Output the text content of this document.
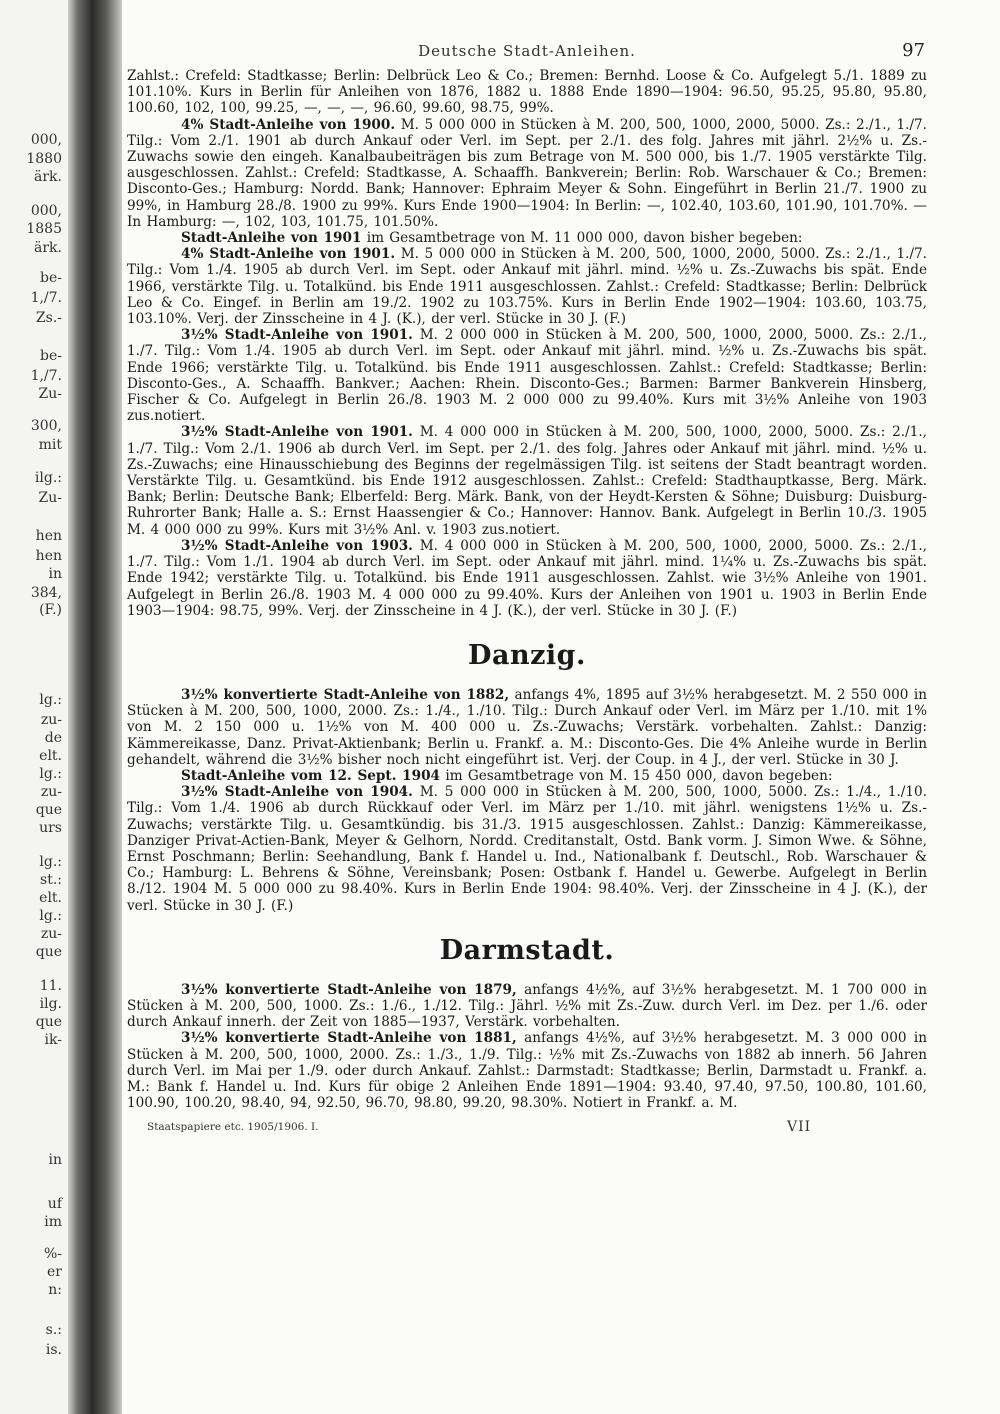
000,
1880
ärk.
000,
1885
ärk.
be-
1,/7.
Zs.-
be-
1,/7.
Zu-
300,
mit
ilg.:
Zu-
hen
hen
in
384,
(F.)
lg.:
zu-
de
elt.
lg.:
zu-
que
urs
lg.:
st.:
elt.
lg.:
zu-
que
11.
ilg.
que
ik-
in
uf
im
%-
er
n:
s.:
is.
Deutsche Stadt-Anleihen.	97

Zahlst.: Crefeld: Stadtkasse; Berlin: Delbrück Leo & Co.; Bremen: Bernhd. Loose & Co. Aufgelegt 5./1. 1889 zu 101.10%. Kurs in Berlin für Anleihen von 1876, 1882 u. 1888 Ende 1890—1904: 96.50, 95.25, 95.80, 95.80, 100.60, 102, 100, 99.25, —, —, —, 96.60, 99.60, 98.75, 99%.

4% Stadt-Anleihe von 1900. M. 5 000 000 in Stücken à M. 200, 500, 1000, 2000, 5000. Zs.: 2./1., 1./7. Tilg.: Vom 2./1. 1901 ab durch Ankauf oder Verl. im Sept. per 2./1. des folg. Jahres mit jährl. 2½% u. Zs.-Zuwachs sowie den eingeh. Kanalbaubeiträgen bis zum Betrage von M. 500 000, bis 1./7. 1905 verstärkte Tilg. ausgeschlossen. Zahlst.: Crefeld: Stadtkasse, A. Schaaffh. Bankverein; Berlin: Rob. Warschauer & Co.; Bremen: Disconto-Ges.; Hamburg: Nordd. Bank; Hannover: Ephraim Meyer & Sohn. Eingeführt in Berlin 21./7. 1900 zu 99%, in Hamburg 28./8. 1900 zu 99%. Kurs Ende 1900—1904: In Berlin: —, 102.40, 103.60, 101.90, 101.70%. — In Hamburg: —, 102, 103, 101.75, 101.50%.

Stadt-Anleihe von 1901 im Gesamtbetrage von M. 11 000 000, davon bisher begeben:

4% Stadt-Anleihe von 1901. M. 5 000 000 in Stücken à M. 200, 500, 1000, 2000, 5000. Zs.: 2./1., 1./7. Tilg.: Vom 1./4. 1905 ab durch Verl. im Sept. oder Ankauf mit jährl. mind. ½% u. Zs.-Zuwachs bis spät. Ende 1966, verstärkte Tilg. u. Totalkünd. bis Ende 1911 ausgeschlossen. Zahlst.: Crefeld: Stadtkasse; Berlin: Delbrück Leo & Co. Eingef. in Berlin am 19./2. 1902 zu 103.75%. Kurs in Berlin Ende 1902—1904: 103.60, 103.75, 103.10%. Verj. der Zinsscheine in 4 J. (K.), der verl. Stücke in 30 J. (F.)

3½% Stadt-Anleihe von 1901. M. 2 000 000 in Stücken à M. 200, 500, 1000, 2000, 5000. Zs.: 2./1., 1./7. Tilg.: Vom 1./4. 1905 ab durch Verl. im Sept. oder Ankauf mit jährl. mind. ½% u. Zs.-Zuwachs bis spät. Ende 1966; verstärkte Tilg. u. Totalkünd. bis Ende 1911 ausgeschlossen. Zahlst.: Crefeld: Stadtkasse; Berlin: Disconto-Ges., A. Schaaffh. Bankver.; Aachen: Rhein. Disconto-Ges.; Barmen: Barmer Bankverein Hinsberg, Fischer & Co. Aufgelegt in Berlin 26./8. 1903 M. 2 000 000 zu 99.40%. Kurs mit 3½% Anleihe von 1903 zus.notiert.

3½% Stadt-Anleihe von 1901. M. 4 000 000 in Stücken à M. 200, 500, 1000, 2000, 5000. Zs.: 2./1., 1./7. Tilg.: Vom 2./1. 1906 ab durch Verl. im Sept. per 2./1. des folg. Jahres oder Ankauf mit jährl. mind. ½% u. Zs.-Zuwachs; eine Hinausschiebung des Beginns der regelmässigen Tilg. ist seitens der Stadt beantragt worden. Verstärkte Tilg. u. Gesamtkünd. bis Ende 1912 ausgeschlossen. Zahlst.: Crefeld: Stadthauptkasse, Berg. Märk. Bank; Berlin: Deutsche Bank; Elberfeld: Berg. Märk. Bank, von der Heydt-Kersten & Söhne; Duisburg: Duisburg-Ruhrorter Bank; Halle a. S.: Ernst Haassengier & Co.; Hannover: Hannov. Bank. Aufgelegt in Berlin 10./3. 1905 M. 4 000 000 zu 99%. Kurs mit 3½% Anl. v. 1903 zus.notiert.

3½% Stadt-Anleihe von 1903. M. 4 000 000 in Stücken à M. 200, 500, 1000, 2000, 5000. Zs.: 2./1., 1./7. Tilg.: Vom 1./1. 1904 ab durch Verl. im Sept. oder Ankauf mit jährl. mind. 1¼% u. Zs.-Zuwachs bis spät. Ende 1942; verstärkte Tilg. u. Totalkünd. bis Ende 1911 ausgeschlossen. Zahlst. wie 3½% Anleihe von 1901. Aufgelegt in Berlin 26./8. 1903 M. 4 000 000 zu 99.40%. Kurs der Anleihen von 1901 u. 1903 in Berlin Ende 1903—1904: 98.75, 99%. Verj. der Zinsscheine in 4 J. (K.), der verl. Stücke in 30 J. (F.)

Danzig.

3½% konvertierte Stadt-Anleihe von 1882, anfangs 4%, 1895 auf 3½% herabgesetzt. M. 2 550 000 in Stücken à M. 200, 500, 1000, 2000. Zs.: 1./4., 1./10. Tilg.: Durch Ankauf oder Verl. im März per 1./10. mit 1% von M. 2 150 000 u. 1½% von M. 400 000 u. Zs.-Zuwachs; Verstärk. vorbehalten. Zahlst.: Danzig: Kämmereikasse, Danz. Privat-Aktienbank; Berlin u. Frankf. a. M.: Disconto-Ges. Die 4% Anleihe wurde in Berlin gehandelt, während die 3½% bisher noch nicht eingeführt ist. Verj. der Coup. in 4 J., der verl. Stücke in 30 J.

Stadt-Anleihe vom 12. Sept. 1904 im Gesamtbetrage von M. 15 450 000, davon begeben:

3½% Stadt-Anleihe von 1904. M. 5 000 000 in Stücken à M. 200, 500, 1000, 5000. Zs.: 1./4., 1./10. Tilg.: Vom 1./4. 1906 ab durch Rückkauf oder Verl. im März per 1./10. mit jährl. wenigstens 1½% u. Zs.-Zuwachs; verstärkte Tilg. u. Gesamtkündig. bis 31./3. 1915 ausgeschlossen. Zahlst.: Danzig: Kämmereikasse, Danziger Privat-Actien-Bank, Meyer & Gelhorn, Nordd. Creditanstalt, Ostd. Bank vorm. J. Simon Wwe. & Söhne, Ernst Poschmann; Berlin: Seehandlung, Bank f. Handel u. Ind., Nationalbank f. Deutschl., Rob. Warschauer & Co.; Hamburg: L. Behrens & Söhne, Vereinsbank; Posen: Ostbank f. Handel u. Gewerbe. Aufgelegt in Berlin 8./12. 1904 M. 5 000 000 zu 98.40%. Kurs in Berlin Ende 1904: 98.40%. Verj. der Zinsscheine in 4 J. (K.), der verl. Stücke in 30 J. (F.)

Darmstadt.

3½% konvertierte Stadt-Anleihe von 1879, anfangs 4½%, auf 3½% herabgesetzt. M. 1 700 000 in Stücken à M. 200, 500, 1000. Zs.: 1./6., 1./12. Tilg.: Jährl. ½% mit Zs.-Zuw. durch Verl. im Dez. per 1./6. oder durch Ankauf innerh. der Zeit von 1885—1937, Verstärk. vorbehalten.

3½% konvertierte Stadt-Anleihe von 1881, anfangs 4½%, auf 3½% herabgesetzt. M. 3 000 000 in Stücken à M. 200, 500, 1000, 2000. Zs.: 1./3., 1./9. Tilg.: ½% mit Zs.-Zuwachs von 1882 ab innerh. 56 Jahren durch Verl. im Mai per 1./9. oder durch Ankauf. Zahlst.: Darmstadt: Stadtkasse; Berlin, Darmstadt u. Frankf. a. M.: Bank f. Handel u. Ind. Kurs für obige 2 Anleihen Ende 1891—1904: 93.40, 97.40, 97.50, 100.80, 101.60, 100.90, 100.20, 98.40, 94, 92.50, 96.70, 98.80, 99.20, 98.30%. Notiert in Frankf. a. M.

Staatspapiere etc. 1905/1906. I.	VII
